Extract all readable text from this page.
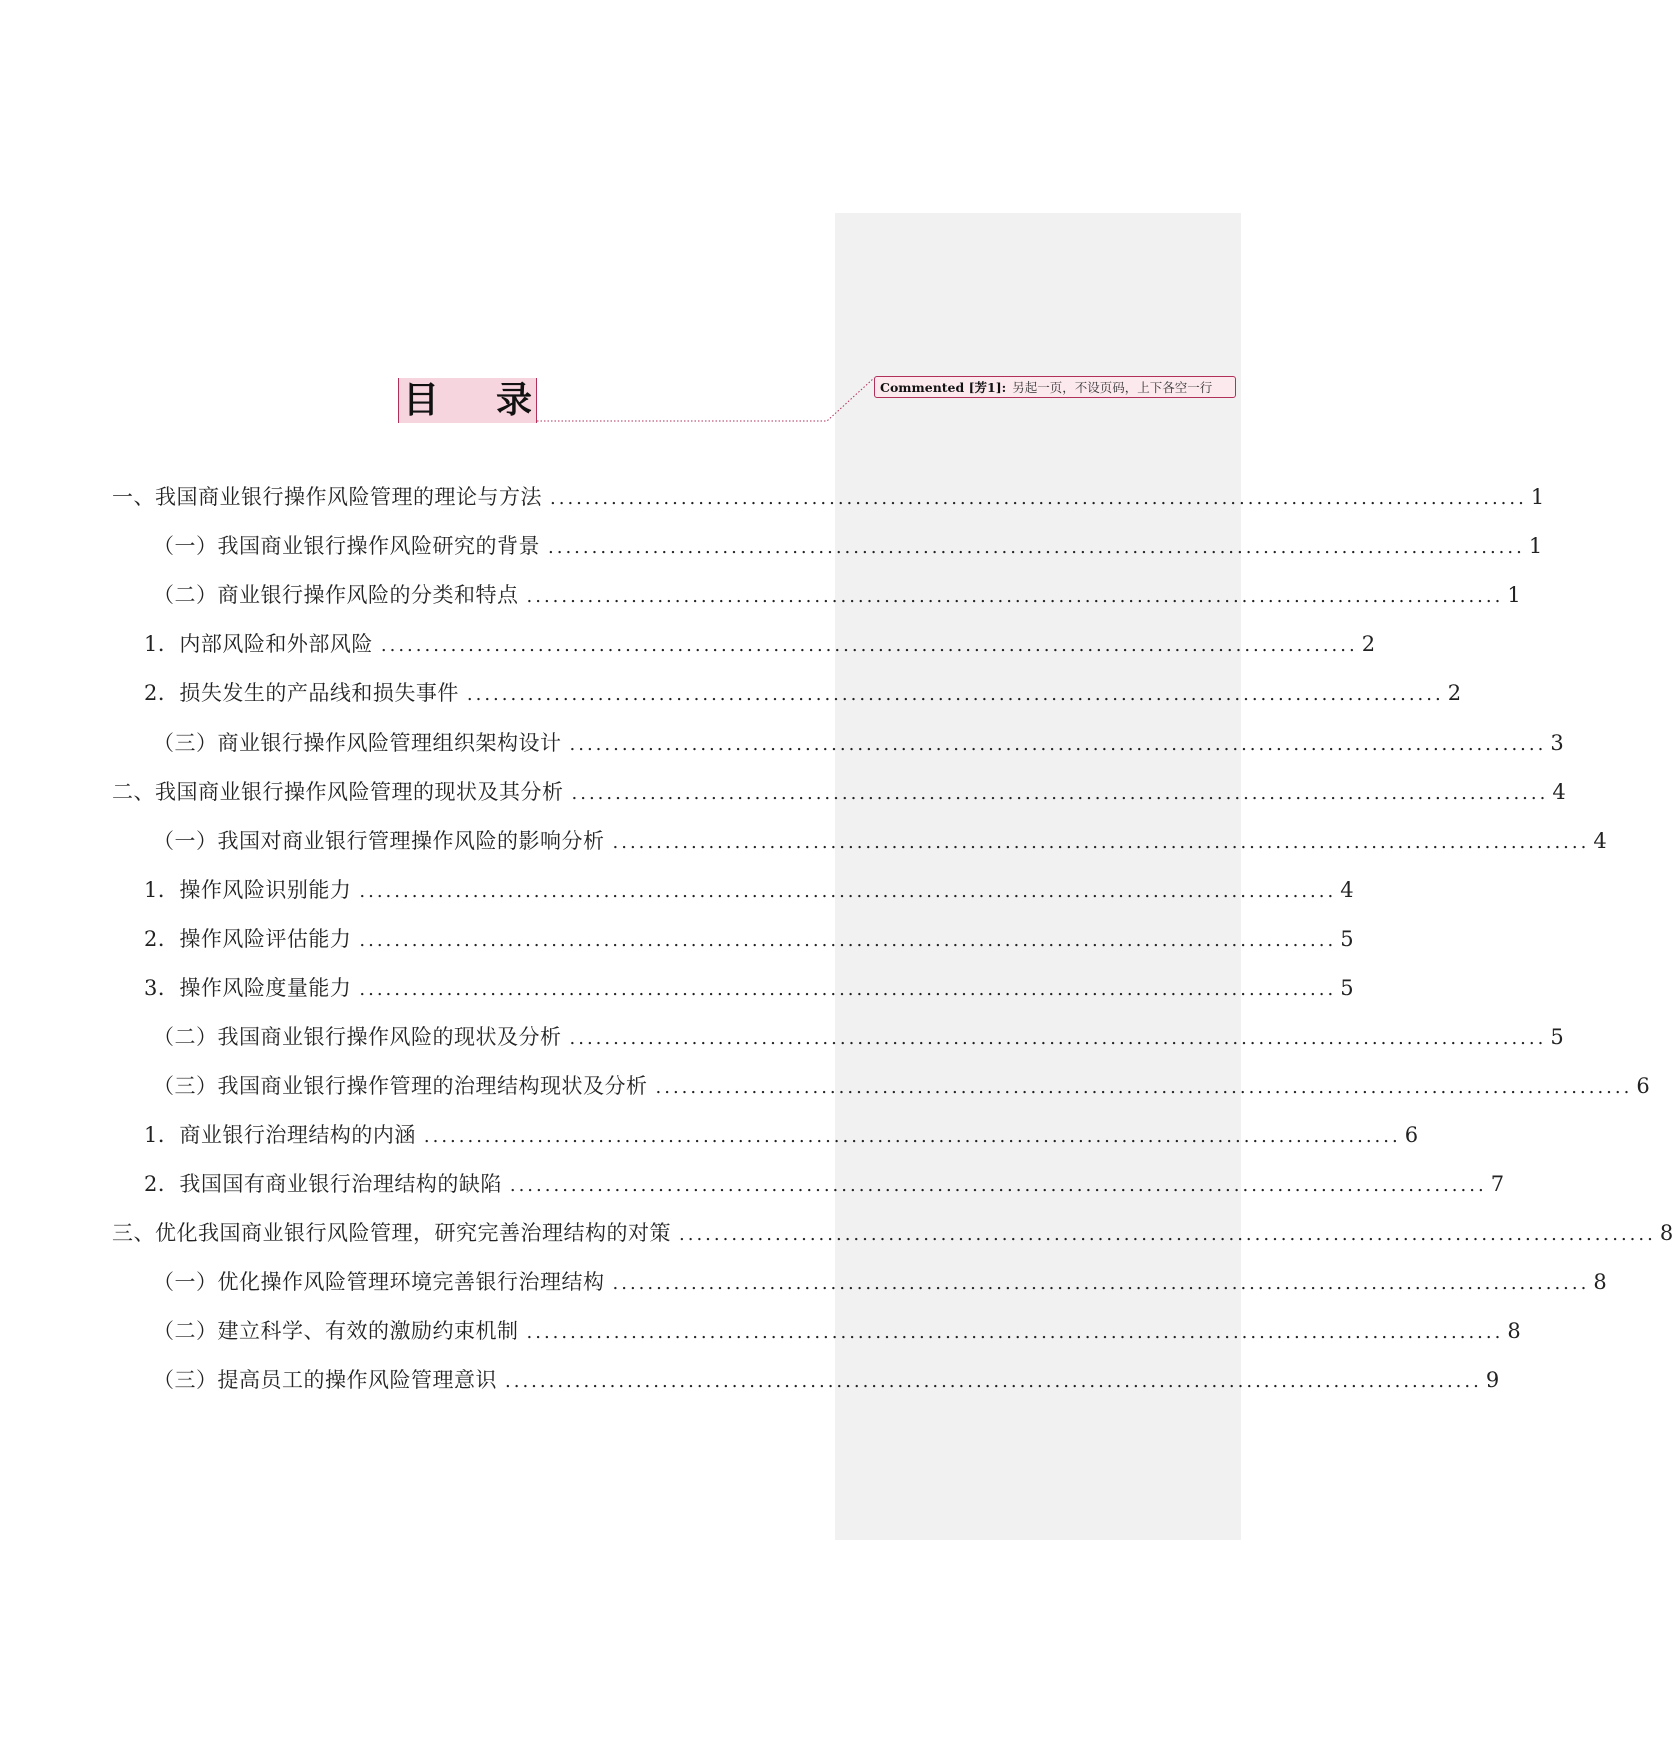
目 录	Commented [芳1]: 另起一页，不设页码，上下各空一行
一、我国商业银行操作风险管理的理论与方法 ................................................................................................................ 1
（一）我国商业银行操作风险研究的背景 ................................................................................................................ 1
（二）商业银行操作风险的分类和特点 ................................................................................................................ 1
1．内部风险和外部风险 ................................................................................................................ 2
2．损失发生的产品线和损失事件 ................................................................................................................ 2
（三）商业银行操作风险管理组织架构设计 ................................................................................................................ 3
二、我国商业银行操作风险管理的现状及其分析 ................................................................................................................ 4
（一）我国对商业银行管理操作风险的影响分析 ................................................................................................................ 4
1．操作风险识别能力 ................................................................................................................ 4
2．操作风险评估能力 ................................................................................................................ 5
3．操作风险度量能力 ................................................................................................................ 5
（二）我国商业银行操作风险的现状及分析 ................................................................................................................ 5
（三）我国商业银行操作管理的治理结构现状及分析 ................................................................................................................ 6
1．商业银行治理结构的内涵 ................................................................................................................ 6
2．我国国有商业银行治理结构的缺陷 ................................................................................................................ 7
三、优化我国商业银行风险管理，研究完善治理结构的对策 ................................................................................................................ 8
（一）优化操作风险管理环境完善银行治理结构 ................................................................................................................ 8
（二）建立科学、有效的激励约束机制 ................................................................................................................ 8
（三）提高员工的操作风险管理意识 ................................................................................................................ 9
